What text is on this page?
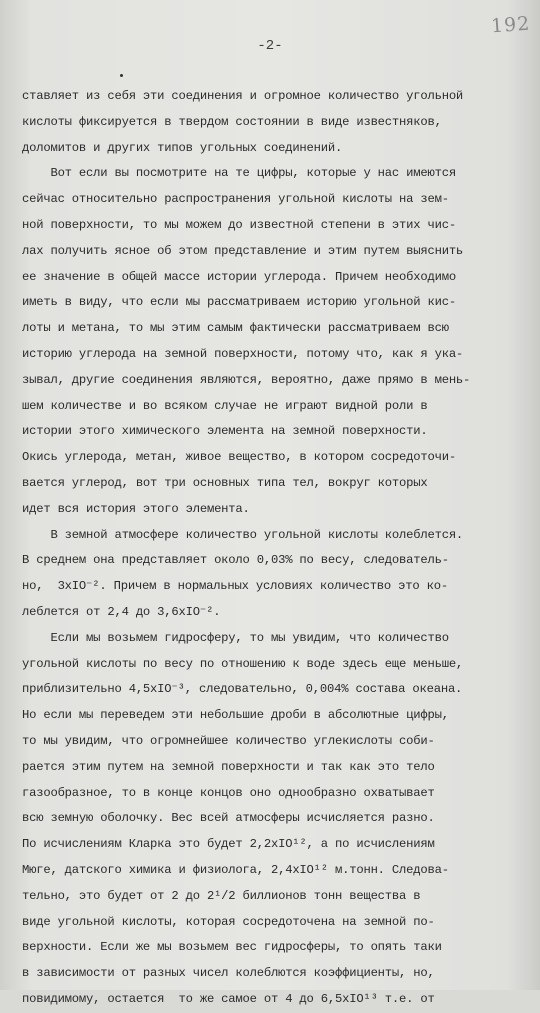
192
-2-
ставляет из себя эти соединения и огромное количество угольной
кислоты фиксируется в твердом состоянии в виде известняков,
доломитов и других типов угольных соединений.
Вот если вы посмотрите на те цифры, которые у нас имеются
сейчас относительно распространения угольной кислоты на зем-
ной поверхности, то мы можем до известной степени в этих чис-
лах получить ясное об этом представление и этим путем выяснить
ее значение в общей массе истории углерода. Причем необходимо
иметь в виду, что если мы рассматриваем историю угольной кис-
лоты и метана, то мы этим самым фактически рассматриваем всю
историю углерода на земной поверхности, потому что, как я ука-
зывал, другие соединения являются, вероятно, даже прямо в мень-
шем количестве и во всяком случае не играют видной роли в
истории этого химического элемента на земной поверхности.
Окись углерода, метан, живое вещество, в котором сосредоточи-
вается углерод, вот три основных типа тел, вокруг которых
идет вся история этого элемента.
В земной атмосфере количество угольной кислоты колеблется.
В среднем она представляет около 0,03% по весу, следователь-
но,  3xIO⁻². Причем в нормальных условиях количество это ко-
леблется от 2,4 до 3,6xIO⁻².
Если мы возьмем гидросферу, то мы увидим, что количество
угольной кислоты по весу по отношению к воде здесь еще меньше,
приблизительно 4,5xIO⁻³, следовательно, 0,004% состава океана.
Но если мы переведем эти небольшие дроби в абсолютные цифры,
то мы увидим, что огромнейшее количество углекислоты соби-
рается этим путем на земной поверхности и так как это тело
газообразное, то в конце концов оно однообразно охватывает
всю земную оболочку. Вес всей атмосферы исчисляется разно.
По исчислениям Кларка это будет 2,2xIO¹², а по исчислениям
Мюге, датского химика и физиолога, 2,4xIO¹² м.тонн. Следова-
тельно, это будет от 2 до 2¹/2 биллионов тонн вещества в
виде угольной кислоты, которая сосредоточена на земной по-
верхности. Если же мы возьмем вес гидросферы, то опять таки
в зависимости от разных чисел колеблются коэффициенты, но,
повидимому, остается  то же самое от 4 до 6,5xIO¹³ т.е. от
